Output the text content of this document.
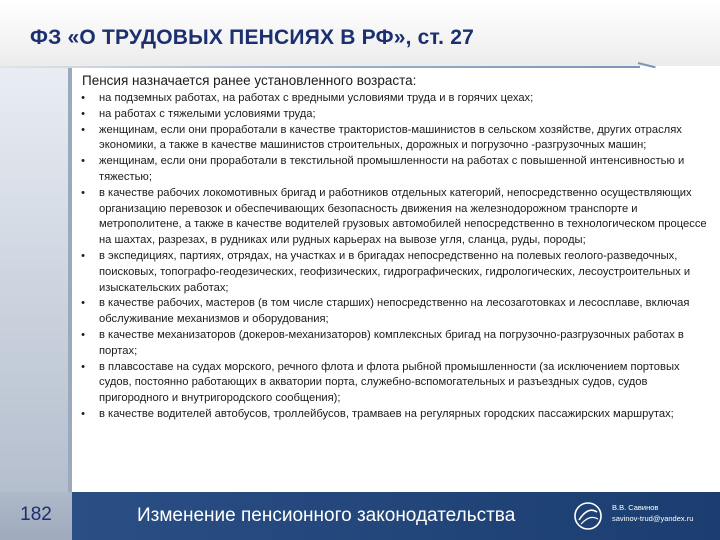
ФЗ «О ТРУДОВЫХ ПЕНСИЯХ В РФ», ст. 27
Пенсия назначается ранее установленного возраста:
• на подземных работах, на работах с вредными условиями труда и в горячих цехах;
• на работах с тяжелыми условиями труда;
• женщинам, если они проработали в качестве трактористов-машинистов в сельском хозяйстве, других отраслях экономики, а также в качестве машинистов строительных, дорожных и погрузочно -разгрузочных машин;
• женщинам, если они проработали в текстильной промышленности на работах с повышенной интенсивностью и тяжестью;
• в качестве рабочих локомотивных бригад и работников отдельных категорий, непосредственно осуществляющих организацию перевозок и обеспечивающих безопасность движения на железнодорожном транспорте и метрополитене, а также в качестве водителей грузовых автомобилей непосредственно в технологическом процессе на шахтах, разрезах, в рудниках или рудных карьерах на вывозе угля, сланца, руды, породы;
• в экспедициях, партиях, отрядах, на участках и в бригадах непосредственно на полевых геолого-разведочных, поисковых, топографо-геодезических, геофизических, гидрографических, гидрологических, лесоустроительных и изыскательских работах;
• в качестве рабочих, мастеров (в том числе старших) непосредственно на лесозаготовках и лесосплаве, включая обслуживание механизмов и оборудования;
• в качестве механизаторов (докеров-механизаторов) комплексных бригад на погрузочно-разгрузочных работах в портах;
• в плавсоставе на судах морского, речного флота и флота рыбной промышленности (за исключением портовых судов, постоянно работающих в акватории порта, служебно-вспомогательных и разъездных судов, судов пригородного и внутригородского сообщения);
• в качестве водителей автобусов, троллейбусов, трамваев на регулярных городских пассажирских маршрутах;
182	Изменение пенсионного законодательства	В.В. Савинов
savinov-trud@yandex.ru
